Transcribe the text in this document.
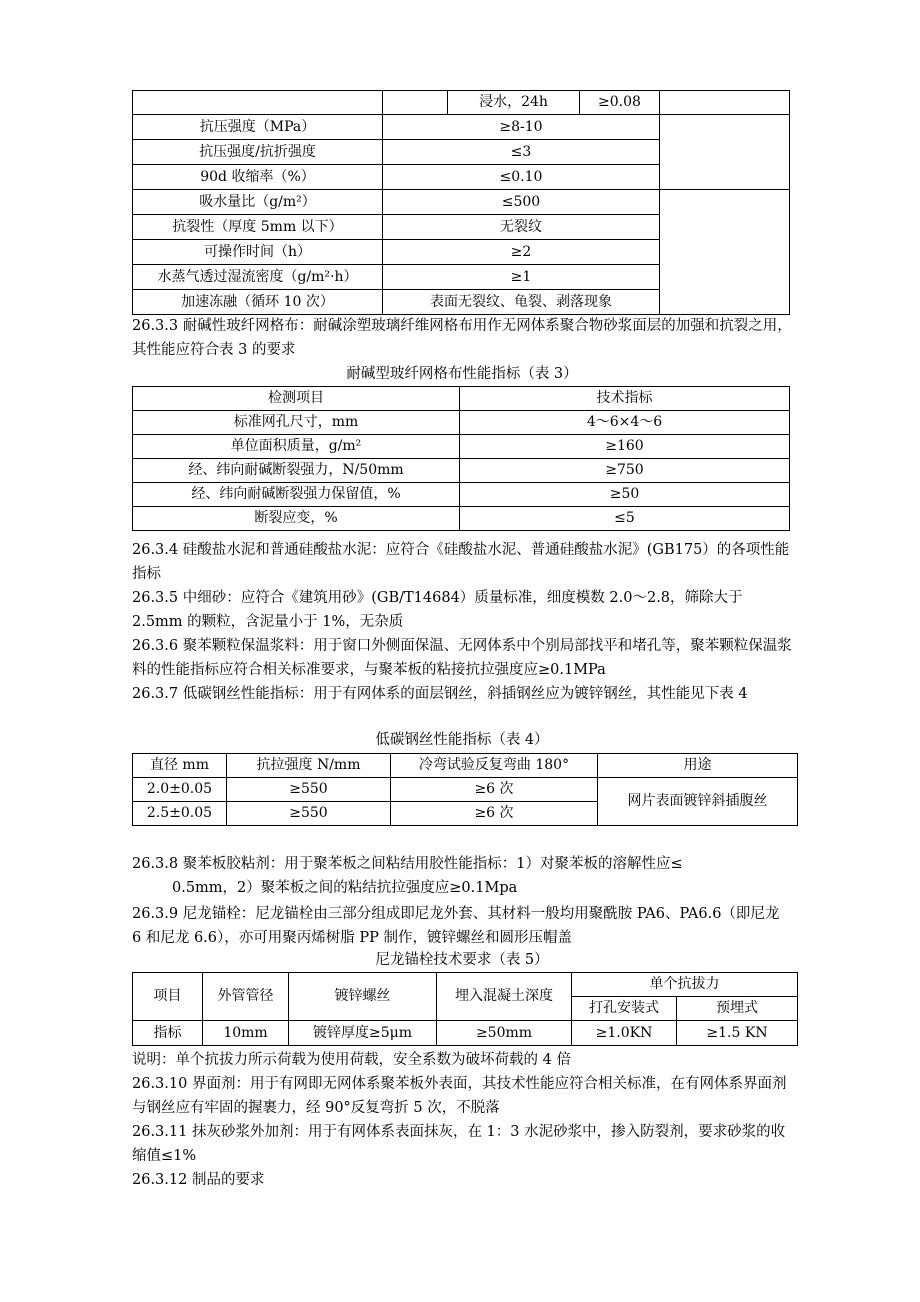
		浸水，24h	≥0.08	
抗压强度（MPa）	≥8-10			
抗压强度/抗折强度	≤3			
90d 收缩率（%）	≤0.10			
吸水量比（g/m²）	≤500			
抗裂性（厚度 5mm 以下）	无裂纹			
可操作时间（h）	≥2			
水蒸气透过湿流密度（g/m²·h）	≥1			
加速冻融（循环 10 次）	表面无裂纹、龟裂、剥落现象			

26.3.3 耐碱性玻纤网格布：耐碱涂塑玻璃纤维网格布用作无网体系聚合物砂浆面层的加强和抗裂之用，其性能应符合表 3 的要求

耐碱型玻纤网格布性能指标（表 3）
检测项目	技术指标
标准网孔尺寸，mm	4～6×4～6
单位面积质量，g/m²	≥160
经、纬向耐碱断裂强力，N/50mm	≥750
经、纬向耐碱断裂强力保留值，%	≥50
断裂应变，%	≤5

26.3.4 硅酸盐水泥和普通硅酸盐水泥：应符合《硅酸盐水泥、普通硅酸盐水泥》(GB175）的各项性能指标

26.3.5 中细砂：应符合《建筑用砂》(GB/T14684）质量标准，细度模数 2.0～2.8，筛除大于 2.5mm 的颗粒，含泥量小于 1%，无杂质

26.3.6 聚苯颗粒保温浆料：用于窗口外侧面保温、无网体系中个别局部找平和堵孔等，聚苯颗粒保温浆料的性能指标应符合相关标准要求，与聚苯板的粘接抗拉强度应≥0.1MPa

26.3.7 低碳钢丝性能指标：用于有网体系的面层钢丝，斜插钢丝应为镀锌钢丝，其性能见下表 4

低碳钢丝性能指标（表 4）
直径 mm	抗拉强度 N/mm	冷弯试验反复弯曲 180°	用途
2.0±0.05	≥550	≥6 次	网片表面镀锌斜插腹丝
2.5±0.05	≥550	≥6 次	

26.3.8 聚苯板胶粘剂：用于聚苯板之间粘结用胶性能指标：1）对聚苯板的溶解性应≤
0.5mm，2）聚苯板之间的粘结抗拉强度应≥0.1Mpa

26.3.9 尼龙锚栓：尼龙锚栓由三部分组成即尼龙外套、其材料一般均用聚酰胺 PA6、PA6.6（即尼龙 6 和尼龙 6.6），亦可用聚丙烯树脂 PP 制作，镀锌螺丝和圆形压帽盖

尼龙锚栓技术要求（表 5）
项目	外管管径	镀锌螺丝	埋入混凝土深度	单个抗拔力	
				打孔安装式	预埋式
指标	10mm	镀锌厚度≥5μm	≥50mm	≥1.0KN	≥1.5 KN

说明：单个抗拔力所示荷载为使用荷载，安全系数为破坏荷载的 4 倍

26.3.10 界面剂：用于有网即无网体系聚苯板外表面，其技术性能应符合相关标准，在有网体系界面剂与钢丝应有牢固的握裹力，经 90°反复弯折 5 次，不脱落

26.3.11 抹灰砂浆外加剂：用于有网体系表面抹灰，在 1：3 水泥砂浆中，掺入防裂剂，要求砂浆的收缩值≤1%

26.3.12 制品的要求
